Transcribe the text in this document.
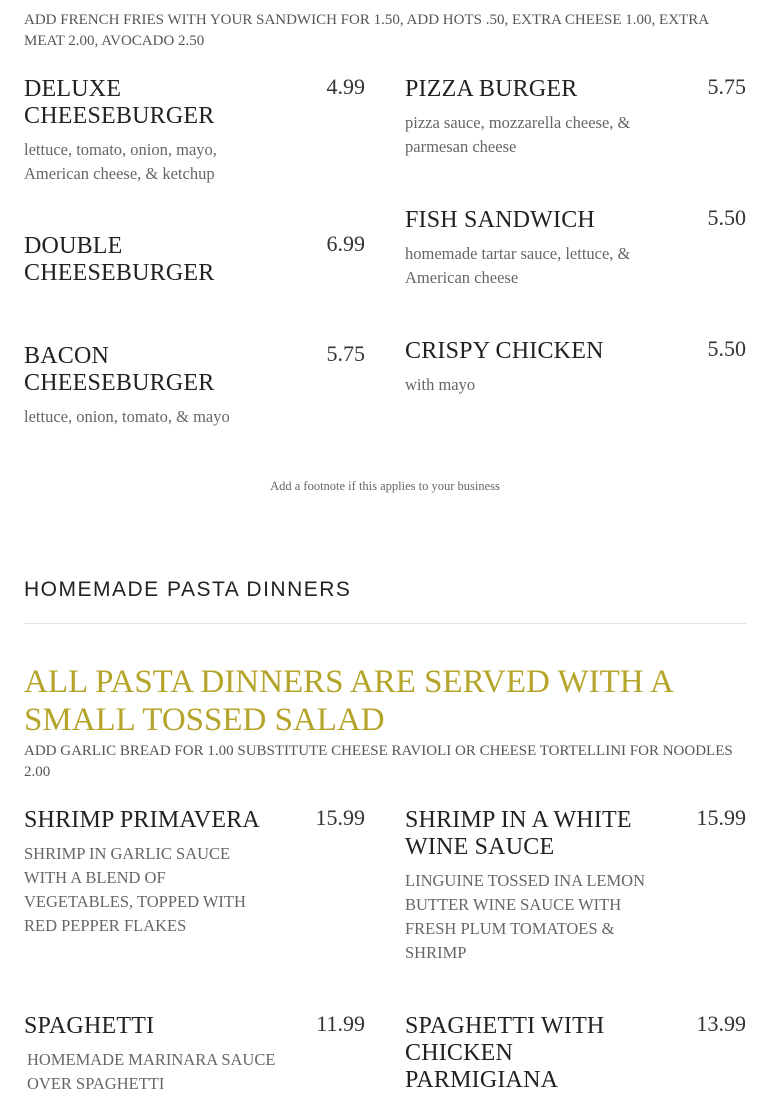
ADD FRENCH FRIES WITH YOUR SANDWICH FOR 1.50, ADD HOTS .50, EXTRA CHEESE 1.00, EXTRA MEAT 2.00, AVOCADO 2.50
DELUXE CHEESEBURGER
4.99
lettuce, tomato, onion, mayo, American cheese, & ketchup
PIZZA BURGER	5.75
pizza sauce, mozzarella cheese, & parmesan cheese
DOUBLE CHEESEBURGER
6.99
FISH SANDWICH	5.50
homemade tartar sauce, lettuce, & American cheese
BACON CHEESEBURGER
5.75
lettuce, onion, tomato, & mayo
CRISPY CHICKEN	5.50
with mayo
Add a footnote if this applies to your business
HOMEMADE PASTA DINNERS
ALL PASTA DINNERS ARE SERVED WITH A SMALL TOSSED SALAD
ADD GARLIC BREAD FOR 1.00 SUBSTITUTE CHEESE RAVIOLI OR CHEESE TORTELLINI FOR NOODLES 2.00
SHRIMP PRIMAVERA	15.99
SHRIMP IN GARLIC SAUCE WITH A BLEND OF VEGETABLES, TOPPED WITH RED PEPPER FLAKES
SHRIMP IN A WHITE WINE SAUCE
15.99
LINGUINE TOSSED INA LEMON BUTTER WINE SAUCE WITH FRESH PLUM TOMATOES & SHRIMP
SPAGHETTI	11.99
HOMEMADE MARINARA SAUCE OVER SPAGHETTI
SPAGHETTI WITH CHICKEN PARMIGIANA
13.99
